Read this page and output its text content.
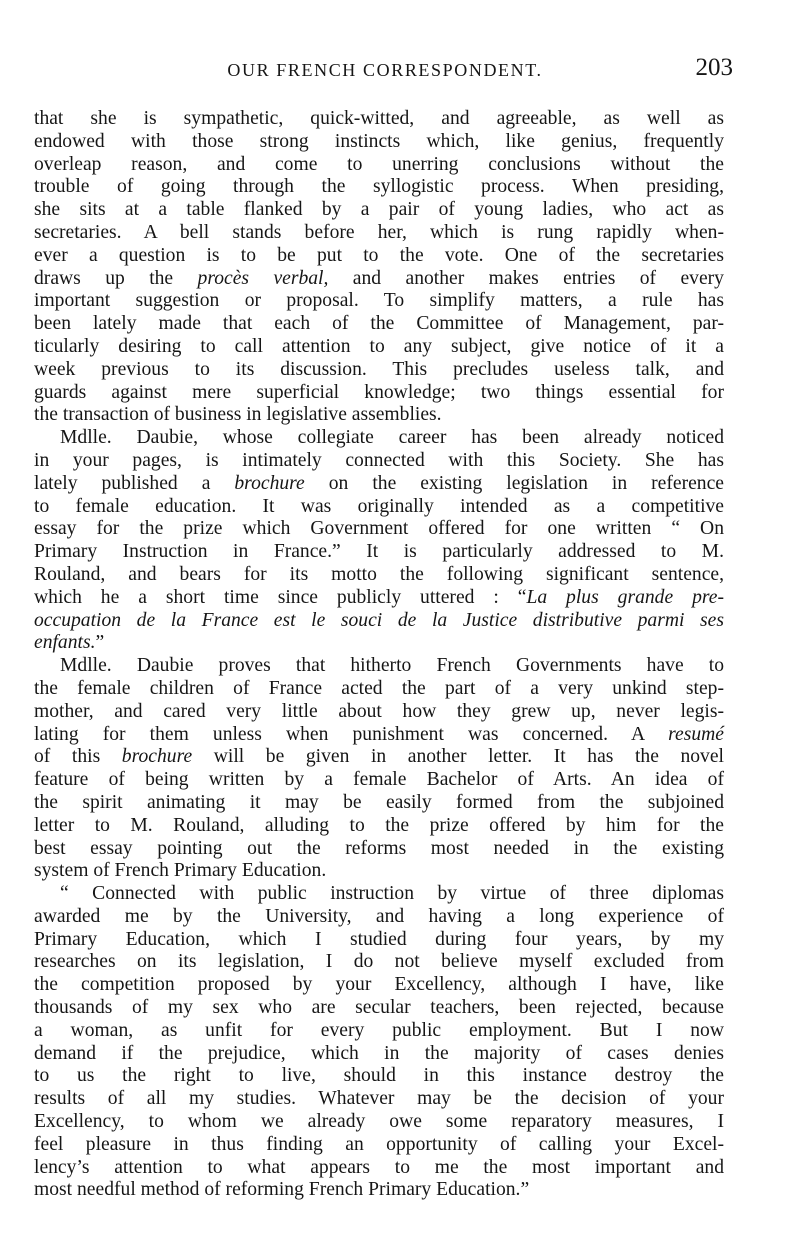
OUR FRENCH CORRESPONDENT.	203
that she is sympathetic, quick-witted, and agreeable, as well as
endowed with those strong instincts which, like genius, frequently
overleap reason, and come to unerring conclusions without the
trouble of going through the syllogistic process. When presiding,
she sits at a table flanked by a pair of young ladies, who act as
secretaries. A bell stands before her, which is rung rapidly when-
ever a question is to be put to the vote. One of the secretaries
draws up the procès verbal, and another makes entries of every
important suggestion or proposal. To simplify matters, a rule has
been lately made that each of the Committee of Management, par-
ticularly desiring to call attention to any subject, give notice of it a
week previous to its discussion. This precludes useless talk, and
guards against mere superficial knowledge; two things essential for
the transaction of business in legislative assemblies.
Mdlle. Daubie, whose collegiate career has been already noticed
in your pages, is intimately connected with this Society. She has
lately published a brochure on the existing legislation in reference
to female education. It was originally intended as a competitive
essay for the prize which Government offered for one written “ On
Primary Instruction in France.” It is particularly addressed to M.
Rouland, and bears for its motto the following significant sentence,
which he a short time since publicly uttered : “La plus grande pre-
occupation de la France est le souci de la Justice distributive parmi ses
enfants.”
Mdlle. Daubie proves that hitherto French Governments have to
the female children of France acted the part of a very unkind step-
mother, and cared very little about how they grew up, never legis-
lating for them unless when punishment was concerned. A resumé
of this brochure will be given in another letter. It has the novel
feature of being written by a female Bachelor of Arts. An idea of
the spirit animating it may be easily formed from the subjoined
letter to M. Rouland, alluding to the prize offered by him for the
best essay pointing out the reforms most needed in the existing
system of French Primary Education.
“ Connected with public instruction by virtue of three diplomas
awarded me by the University, and having a long experience of
Primary Education, which I studied during four years, by my
researches on its legislation, I do not believe myself excluded from
the competition proposed by your Excellency, although I have, like
thousands of my sex who are secular teachers, been rejected, because
a woman, as unfit for every public employment. But I now
demand if the prejudice, which in the majority of cases denies
to us the right to live, should in this instance destroy the
results of all my studies. Whatever may be the decision of your
Excellency, to whom we already owe some reparatory measures, I
feel pleasure in thus finding an opportunity of calling your Excel-
lency’s attention to what appears to me the most important and
most needful method of reforming French Primary Education.”
